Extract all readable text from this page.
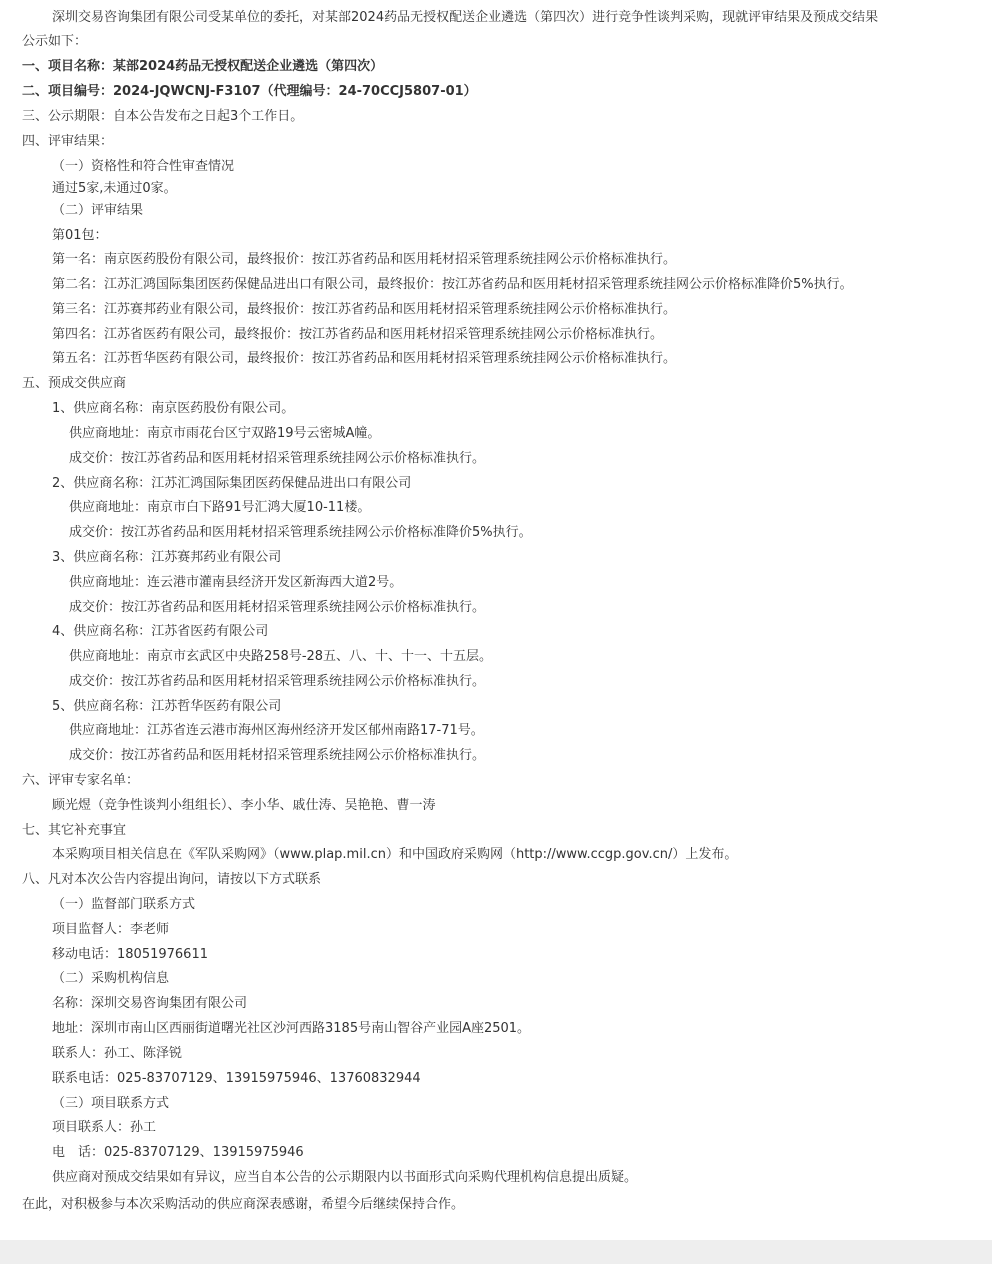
深圳交易咨询集团有限公司受某单位的委托，对某部2024药品无授权配送企业遴选（第四次）进行竞争性谈判采购，现就评审结果及预成交结果
公示如下：
一、项目名称：某部2024药品无授权配送企业遴选（第四次）
二、项目编号：2024-JQWCNJ-F3107（代理编号：24-70CCJ5807-01）
三、公示期限：自本公告发布之日起3个工作日。
四、评审结果：
（一）资格性和符合性审查情况
通过5家,未通过0家。
（二）评审结果
第01包：
第一名：南京医药股份有限公司，最终报价：按江苏省药品和医用耗材招采管理系统挂网公示价格标准执行。
第二名：江苏汇鸿国际集团医药保健品进出口有限公司，最终报价：按江苏省药品和医用耗材招采管理系统挂网公示价格标准降价5%执行。
第三名：江苏赛邦药业有限公司，最终报价：按江苏省药品和医用耗材招采管理系统挂网公示价格标准执行。
第四名：江苏省医药有限公司，最终报价：按江苏省药品和医用耗材招采管理系统挂网公示价格标准执行。
第五名：江苏哲华医药有限公司，最终报价：按江苏省药品和医用耗材招采管理系统挂网公示价格标准执行。
五、预成交供应商
1、供应商名称：南京医药股份有限公司。
供应商地址：南京市雨花台区宁双路19号云密城A幢。
成交价：按江苏省药品和医用耗材招采管理系统挂网公示价格标准执行。
2、供应商名称：江苏汇鸿国际集团医药保健品进出口有限公司
供应商地址：南京市白下路91号汇鸿大厦10-11楼。
成交价：按江苏省药品和医用耗材招采管理系统挂网公示价格标准降价5%执行。
3、供应商名称：江苏赛邦药业有限公司
供应商地址：连云港市灌南县经济开发区新海西大道2号。
成交价：按江苏省药品和医用耗材招采管理系统挂网公示价格标准执行。
4、供应商名称：江苏省医药有限公司
供应商地址：南京市玄武区中央路258号-28五、八、十、十一、十五层。
成交价：按江苏省药品和医用耗材招采管理系统挂网公示价格标准执行。
5、供应商名称：江苏哲华医药有限公司
供应商地址：江苏省连云港市海州区海州经济开发区郁州南路17-71号。
成交价：按江苏省药品和医用耗材招采管理系统挂网公示价格标准执行。
六、评审专家名单：
顾光煜（竞争性谈判小组组长）、李小华、戚仕涛、吴艳艳、曹一涛
七、其它补充事宜
本采购项目相关信息在《军队采购网》（www.plap.mil.cn）和中国政府采购网（http://www.ccgp.gov.cn/）上发布。
八、凡对本次公告内容提出询问，请按以下方式联系
（一）监督部门联系方式
项目监督人：李老师
移动电话：18051976611
（二）采购机构信息
名称：深圳交易咨询集团有限公司
地址：深圳市南山区西丽街道曙光社区沙河西路3185号南山智谷产业园A座2501。
联系人：孙工、陈泽锐
联系电话：025-83707129、13915975946、13760832944
（三）项目联系方式
项目联系人：孙工
电　话：025-83707129、13915975946
供应商对预成交结果如有异议，应当自本公告的公示期限内以书面形式向采购代理机构信息提出质疑。
在此，对积极参与本次采购活动的供应商深表感谢，希望今后继续保持合作。
